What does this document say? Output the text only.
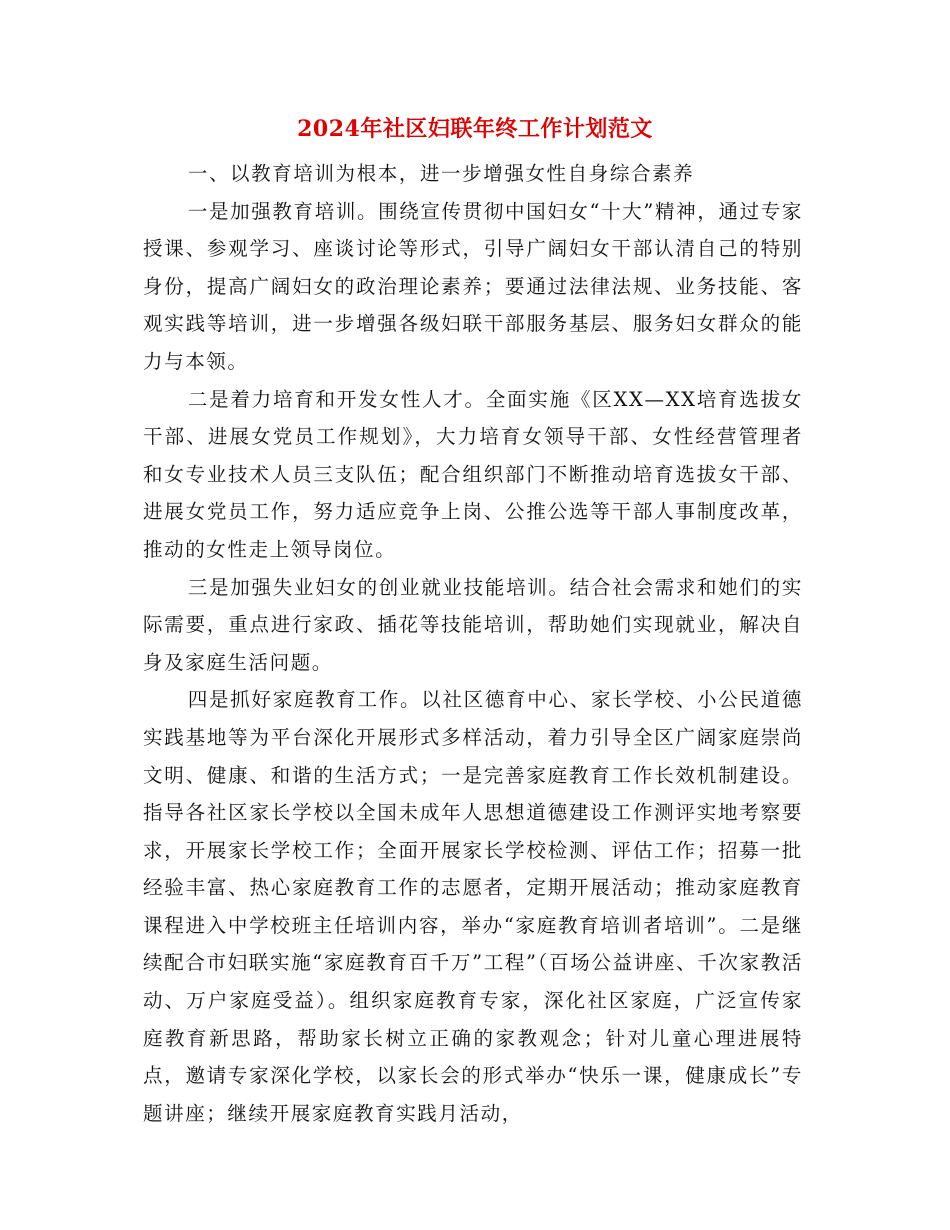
2024年社区妇联年终工作计划范文

一、以教育培训为根本，进一步增强女性自身综合素养

一是加强教育培训。围绕宣传贯彻中国妇女“十大”精神，通过专家授课、参观学习、座谈讨论等形式，引导广阔妇女干部认清自己的特别身份，提高广阔妇女的政治理论素养；要通过法律法规、业务技能、客观实践等培训，进一步增强各级妇联干部服务基层、服务妇女群众的能力与本领。

二是着力培育和开发女性人才。全面实施《区XX—XX培育选拔女干部、进展女党员工作规划》，大力培育女领导干部、女性经营管理者和女专业技术人员三支队伍；配合组织部门不断推动培育选拔女干部、进展女党员工作，努力适应竞争上岗、公推公选等干部人事制度改革，推动的女性走上领导岗位。

三是加强失业妇女的创业就业技能培训。结合社会需求和她们的实际需要，重点进行家政、插花等技能培训，帮助她们实现就业，解决自身及家庭生活问题。

四是抓好家庭教育工作。以社区德育中心、家长学校、小公民道德实践基地等为平台深化开展形式多样活动，着力引导全区广阔家庭崇尚文明、健康、和谐的生活方式；一是完善家庭教育工作长效机制建设。指导各社区家长学校以全国未成年人思想道德建设工作测评实地考察要求，开展家长学校工作；全面开展家长学校检测、评估工作；招募一批经验丰富、热心家庭教育工作的志愿者，定期开展活动；推动家庭教育课程进入中学校班主任培训内容，举办“家庭教育培训者培训”。二是继续配合市妇联实施“家庭教育百千万”工程”（百场公益讲座、千次家教活动、万户家庭受益）。组织家庭教育专家，深化社区家庭，广泛宣传家庭教育新思路，帮助家长树立正确的家教观念；针对儿童心理进展特点，邀请专家深化学校，以家长会的形式举办“快乐一课，健康成长”专题讲座；继续开展家庭教育实践月活动，
